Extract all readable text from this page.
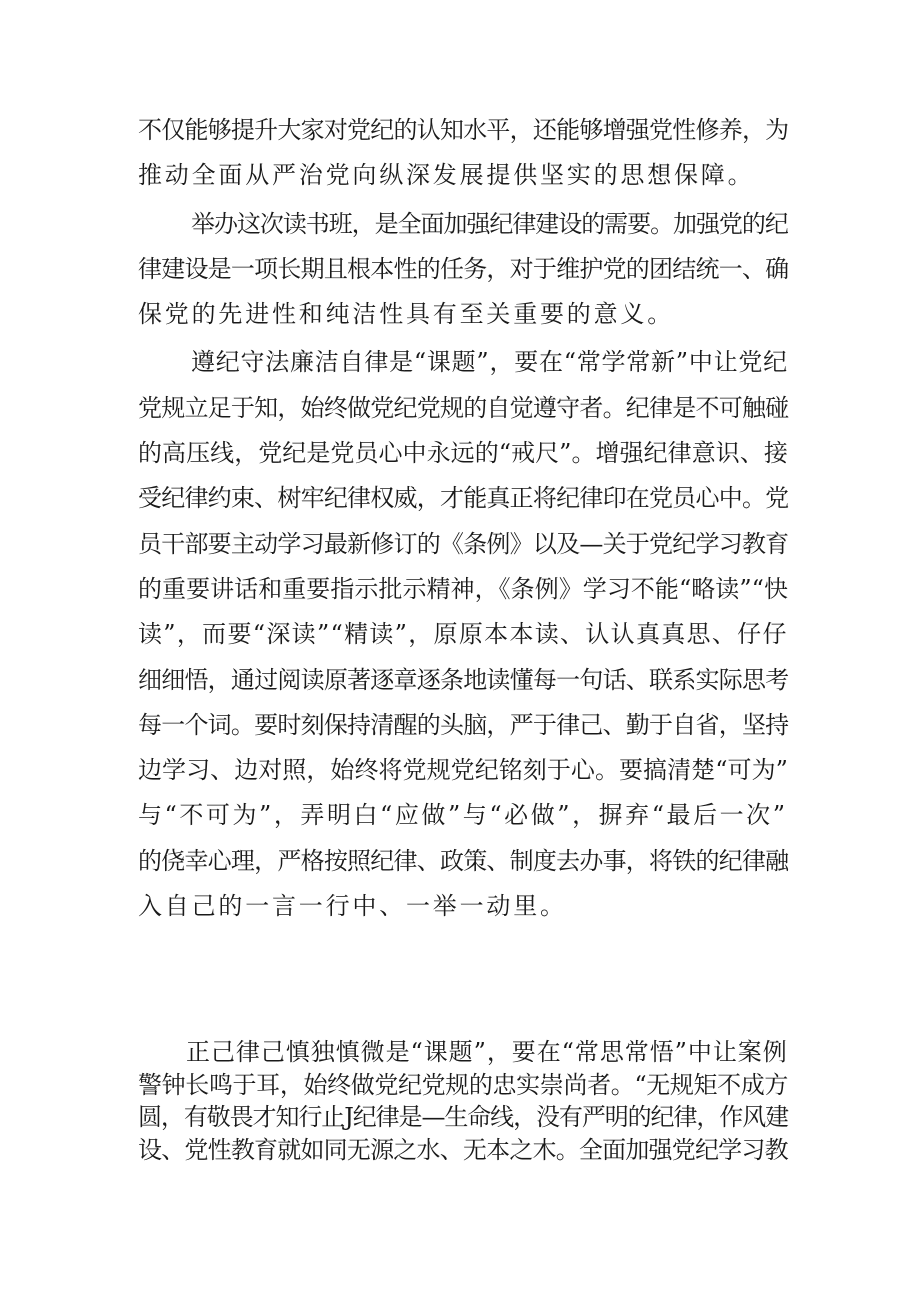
不仅能够提升大家对党纪的认知水平，还能够增强党性修养，为
推动全面从严治党向纵深发展提供坚实的思想保障。

举办这次读书班，是全面加强纪律建设的需要。加强党的纪
律建设是一项长期且根本性的任务，对于维护党的团结统一、确
保党的先进性和纯洁性具有至关重要的意义。

遵纪守法廉洁自律是“课题”，要在“常学常新”中让党纪
党规立足于知，始终做党纪党规的自觉遵守者。纪律是不可触碰
的高压线，党纪是党员心中永远的“戒尺”。增强纪律意识、接
受纪律约束、树牢纪律权威，才能真正将纪律印在党员心中。党
员干部要主动学习最新修订的《条例》以及—关于党纪学习教育
的重要讲话和重要指示批示精神，《条例》学习不能“略读”“快
读”，而要“深读”“精读”，原原本本读、认认真真思、仔仔
细细悟，通过阅读原著逐章逐条地读懂每一句话、联系实际思考
每一个词。要时刻保持清醒的头脑，严于律己、勤于自省，坚持
边学习、边对照，始终将党规党纪铭刻于心。要搞清楚“可为”
与“不可为”，弄明白“应做”与“必做”，摒弃“最后一次”
的侥幸心理，严格按照纪律、政策、制度去办事，将铁的纪律融
入自己的一言一行中、一举一动里。

正己律己慎独慎微是“课题”，要在“常思常悟”中让案例
警钟长鸣于耳，始终做党纪党规的忠实崇尚者。“无规矩不成方
圆，有敬畏才知行止J纪律是—生命线，没有严明的纪律，作风建
设、党性教育就如同无源之水、无本之木。全面加强党纪学习教
